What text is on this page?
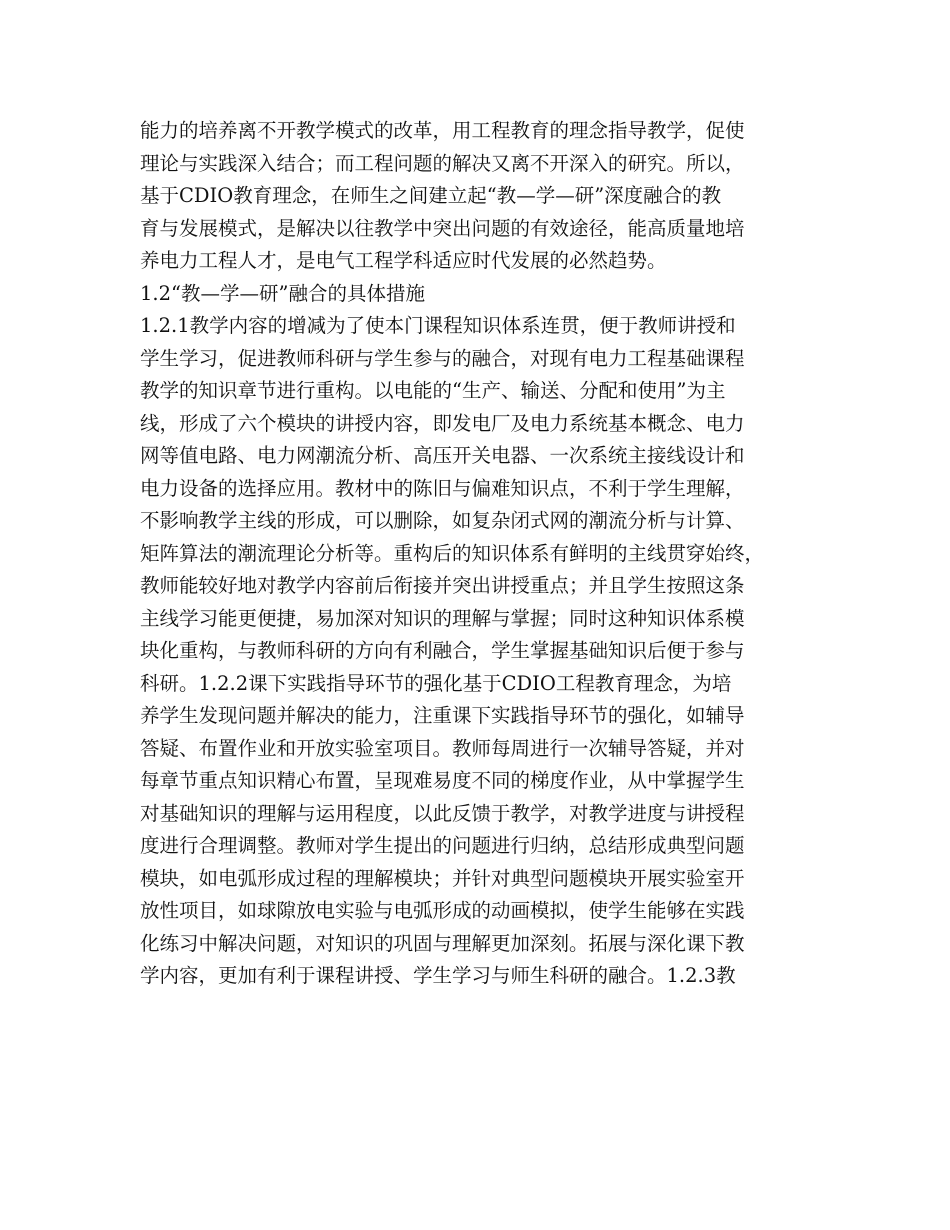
能力的培养离不开教学模式的改革，用工程教育的理念指导教学，促使
理论与实践深入结合；而工程问题的解决又离不开深入的研究。所以，
基于CDIO教育理念，在师生之间建立起“教—学—研”深度融合的教
育与发展模式，是解决以往教学中突出问题的有效途径，能高质量地培
养电力工程人才，是电气工程学科适应时代发展的必然趋势。
1.2“教—学—研”融合的具体措施
1.2.1教学内容的增减为了使本门课程知识体系连贯，便于教师讲授和
学生学习，促进教师科研与学生参与的融合，对现有电力工程基础课程
教学的知识章节进行重构。以电能的“生产、输送、分配和使用”为主
线，形成了六个模块的讲授内容，即发电厂及电力系统基本概念、电力
网等值电路、电力网潮流分析、高压开关电器、一次系统主接线设计和
电力设备的选择应用。教材中的陈旧与偏难知识点，不利于学生理解，
不影响教学主线的形成，可以删除，如复杂闭式网的潮流分析与计算、
矩阵算法的潮流理论分析等。重构后的知识体系有鲜明的主线贯穿始终，
教师能较好地对教学内容前后衔接并突出讲授重点；并且学生按照这条
主线学习能更便捷，易加深对知识的理解与掌握；同时这种知识体系模
块化重构，与教师科研的方向有利融合，学生掌握基础知识后便于参与
科研。1.2.2课下实践指导环节的强化基于CDIO工程教育理念，为培
养学生发现问题并解决的能力，注重课下实践指导环节的强化，如辅导
答疑、布置作业和开放实验室项目。教师每周进行一次辅导答疑，并对
每章节重点知识精心布置，呈现难易度不同的梯度作业，从中掌握学生
对基础知识的理解与运用程度，以此反馈于教学，对教学进度与讲授程
度进行合理调整。教师对学生提出的问题进行归纳，总结形成典型问题
模块，如电弧形成过程的理解模块；并针对典型问题模块开展实验室开
放性项目，如球隙放电实验与电弧形成的动画模拟，使学生能够在实践
化练习中解决问题，对知识的巩固与理解更加深刻。拓展与深化课下教
学内容，更加有利于课程讲授、学生学习与师生科研的融合。1.2.3教
